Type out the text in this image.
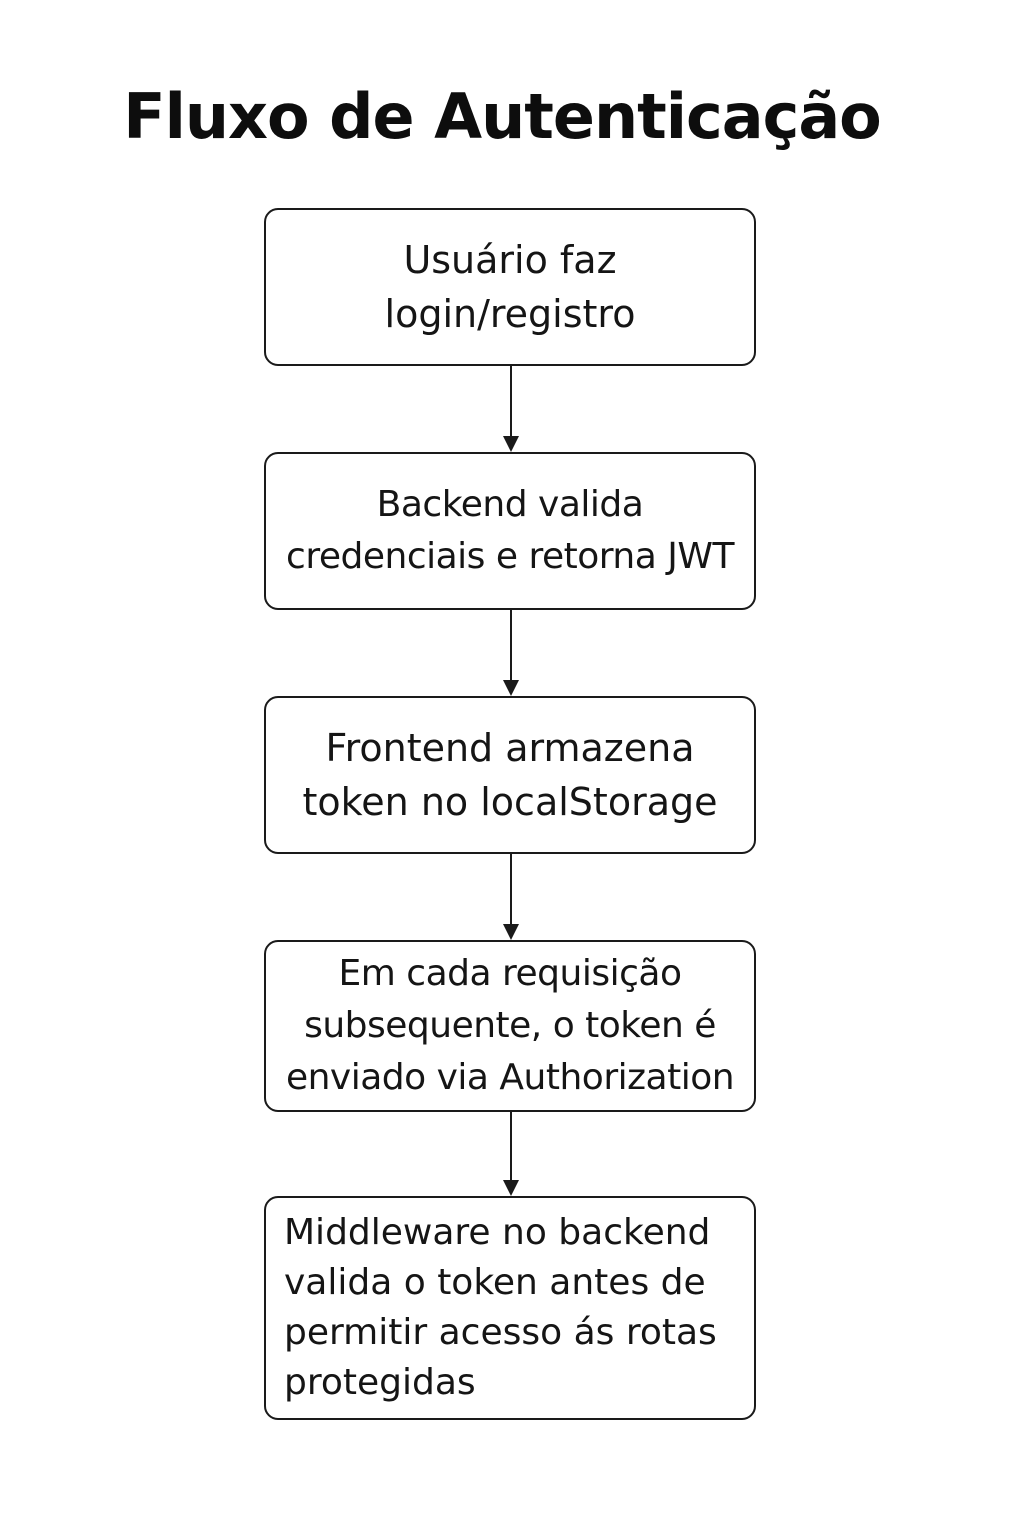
Fluxo de Autenticação
Usuário faz
login/registro
Backend valida
credenciais e retorna JWT
Frontend armazena
token no localStorage
Em cada requisição
subsequente, o token é
enviado via Authorization
Middleware no backend
valida o token antes de
permitir acesso ás rotas
protegidas
